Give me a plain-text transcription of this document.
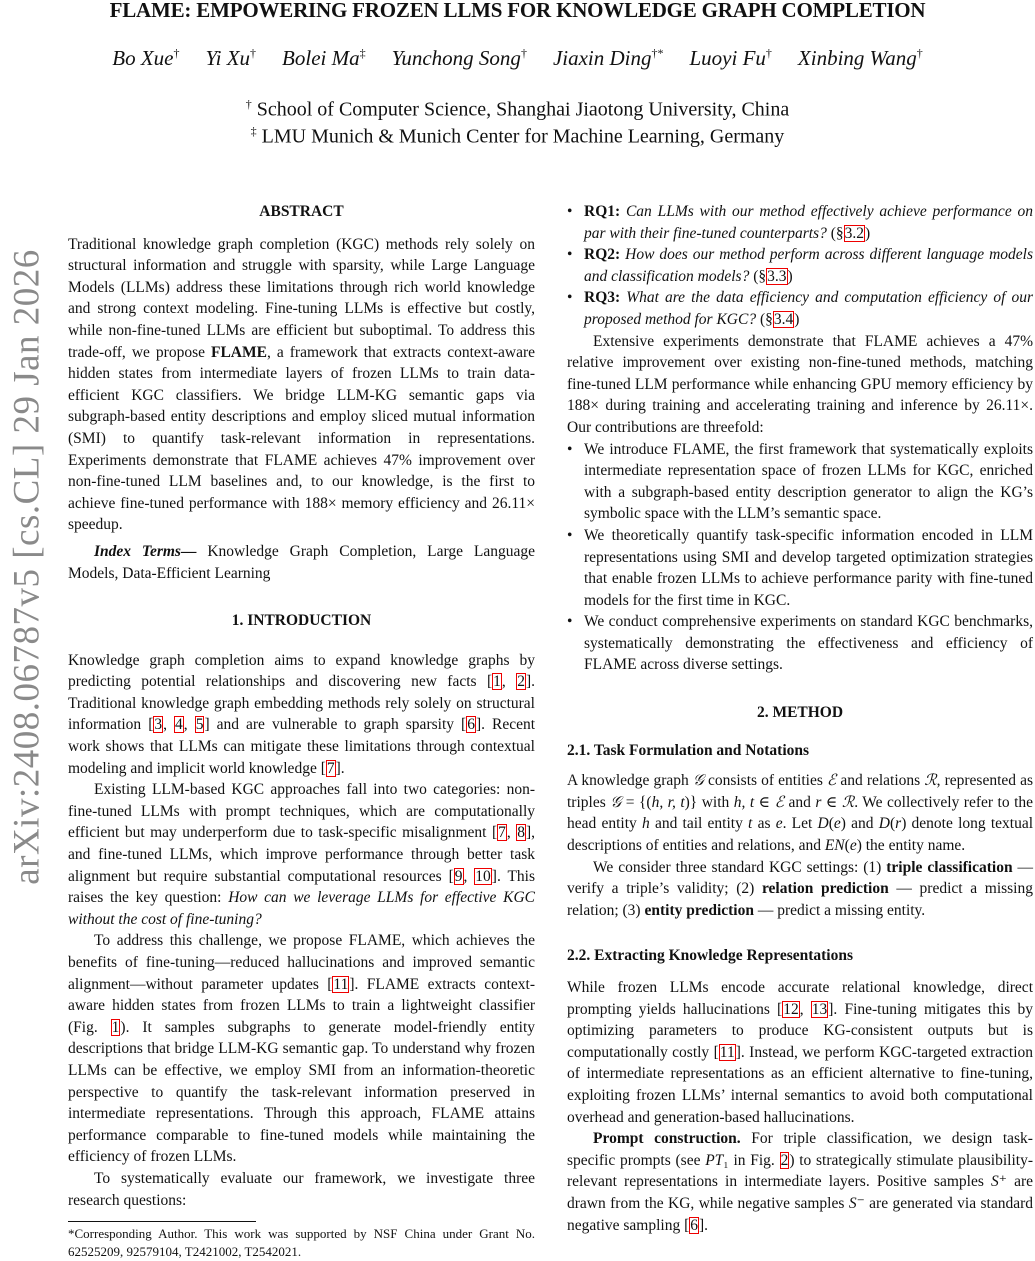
arXiv:2408.06787v5 [cs.CL] 29 Jan 2026
FLAME: EMPOWERING FROZEN LLMS FOR KNOWLEDGE GRAPH COMPLETION
Bo Xue† Yi Xu† Bolei Ma‡ Yunchong Song† Jiaxin Ding†* Luoyi Fu† Xinbing Wang†
† School of Computer Science, Shanghai Jiaotong University, China
‡ LMU Munich & Munich Center for Machine Learning, Germany
ABSTRACT

Traditional knowledge graph completion (KGC) methods rely solely on structural information and struggle with sparsity, while Large Language Models (LLMs) address these limitations through rich world knowledge and strong context modeling. Fine-tuning LLMs is effective but costly, while non-fine-tuned LLMs are efficient but suboptimal. To address this trade-off, we propose FLAME, a framework that extracts context-aware hidden states from intermediate layers of frozen LLMs to train data-efficient KGC classifiers. We bridge LLM-KG semantic gaps via subgraph-based entity descriptions and employ sliced mutual information (SMI) to quantify task-relevant information in representations. Experiments demonstrate that FLAME achieves 47% improvement over non-fine-tuned LLM baselines and, to our knowledge, is the first to achieve fine-tuned performance with 188× memory efficiency and 26.11× speedup.

Index Terms— Knowledge Graph Completion, Large Language Models, Data-Efficient Learning

1. INTRODUCTION

Knowledge graph completion aims to expand knowledge graphs by predicting potential relationships and discovering new facts [1, 2]. Traditional knowledge graph embedding methods rely solely on structural information [3, 4, 5] and are vulnerable to graph sparsity [6]. Recent work shows that LLMs can mitigate these limitations through contextual modeling and implicit world knowledge [7].

Existing LLM-based KGC approaches fall into two categories: non-fine-tuned LLMs with prompt techniques, which are computationally efficient but may underperform due to task-specific misalignment [7, 8], and fine-tuned LLMs, which improve performance through better task alignment but require substantial computational resources [9, 10]. This raises the key question: How can we leverage LLMs for effective KGC without the cost of fine-tuning?

To address this challenge, we propose FLAME, which achieves the benefits of fine-tuning—reduced hallucinations and improved semantic alignment—without parameter updates [11]. FLAME extracts context-aware hidden states from frozen LLMs to train a lightweight classifier (Fig. 1). It samples subgraphs to generate model-friendly entity descriptions that bridge LLM-KG semantic gap. To understand why frozen LLMs can be effective, we employ SMI from an information-theoretic perspective to quantify the task-relevant information preserved in intermediate representations. Through this approach, FLAME attains performance comparable to fine-tuned models while maintaining the efficiency of frozen LLMs.

To systematically evaluate our framework, we investigate three research questions:

*Corresponding Author. This work was supported by NSF China under Grant No. 62525209, 92579104, T2421002, T2542021.
• RQ1: Can LLMs with our method effectively achieve performance on par with their fine-tuned counterparts? (§3.2)
• RQ2: How does our method perform across different language models and classification models? (§3.3)
• RQ3: What are the data efficiency and computation efficiency of our proposed method for KGC? (§3.4)

Extensive experiments demonstrate that FLAME achieves a 47% relative improvement over existing non-fine-tuned methods, matching fine-tuned LLM performance while enhancing GPU memory efficiency by 188× during training and accelerating training and inference by 26.11×. Our contributions are threefold:

• We introduce FLAME, the first framework that systematically exploits intermediate representation space of frozen LLMs for KGC, enriched with a subgraph-based entity description generator to align the KG’s symbolic space with the LLM’s semantic space.
• We theoretically quantify task-specific information encoded in LLM representations using SMI and develop targeted optimization strategies that enable frozen LLMs to achieve performance parity with fine-tuned models for the first time in KGC.
• We conduct comprehensive experiments on standard KGC benchmarks, systematically demonstrating the effectiveness and efficiency of FLAME across diverse settings.
2. METHOD
2.1. Task Formulation and Notations

A knowledge graph 𝒢 consists of entities ℰ and relations ℛ, represented as triples 𝒢 = {(h, r, t)} with h, t ∈ ℰ and r ∈ ℛ. We collectively refer to the head entity h and tail entity t as e. Let D(e) and D(r) denote long textual descriptions of entities and relations, and EN(e) the entity name.

We consider three standard KGC settings: (1) triple classification — verify a triple’s validity; (2) relation prediction — predict a missing relation; (3) entity prediction — predict a missing entity.

2.2. Extracting Knowledge Representations

While frozen LLMs encode accurate relational knowledge, direct prompting yields hallucinations [12, 13]. Fine-tuning mitigates this by optimizing parameters to produce KG-consistent outputs but is computationally costly [11]. Instead, we perform KGC-targeted extraction of intermediate representations as an efficient alternative to fine-tuning, exploiting frozen LLMs’ internal semantics to avoid both computational overhead and generation-based hallucinations.

Prompt construction. For triple classification, we design task-specific prompts (see PT₁ in Fig. 2) to strategically stimulate plausibility-relevant representations in intermediate layers. Positive samples S⁺ are drawn from the KG, while negative samples S⁻ are generated via standard negative sampling [6].
